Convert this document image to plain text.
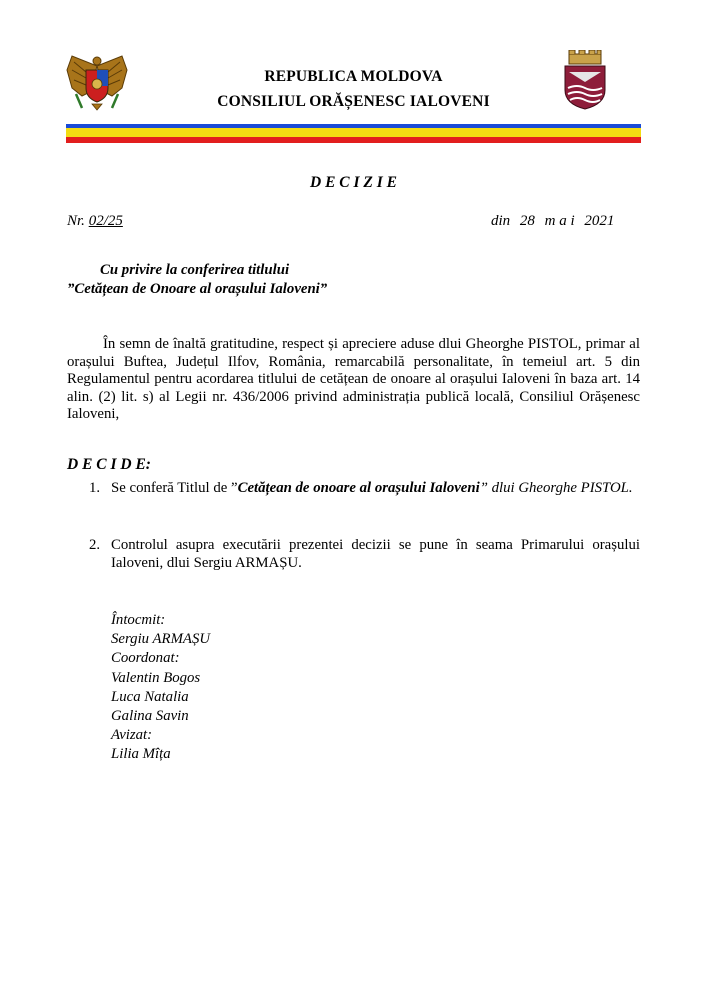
REPUBLICA MOLDOVA
CONSILIUL ORĂȘENESC IALOVENI
D E C I Z I E
Nr. 02/25	din 28 m a i 2021
Cu privire la conferirea titlului
”Cetățean de Onoare al orașului Ialoveni”
În semn de înaltă gratitudine, respect și apreciere aduse dlui Gheorghe PISTOL, primar al orașului Buftea, Județul Ilfov, România, remarcabilă personalitate, în temeiul art. 5 din Regulamentul pentru acordarea titlului de cetățean de onoare al orașului Ialoveni în baza art. 14 alin. (2) lit. s) al Legii nr. 436/2006 privind administrația publică locală, Consiliul Orășenesc Ialoveni,
D E C I D E:
1. Se conferă Titlul de ”Cetățean de onoare al orașului Ialoveni” dlui Gheorghe PISTOL.
2. Controlul asupra executării prezentei decizii se pune în seama Primarului orașului Ialoveni, dlui Sergiu ARMAȘU.
Întocmit:
Sergiu ARMAȘU
Coordonat:
Valentin Bogos
Luca Natalia
Galina Savin
Avizat:
Lilia Mîța
